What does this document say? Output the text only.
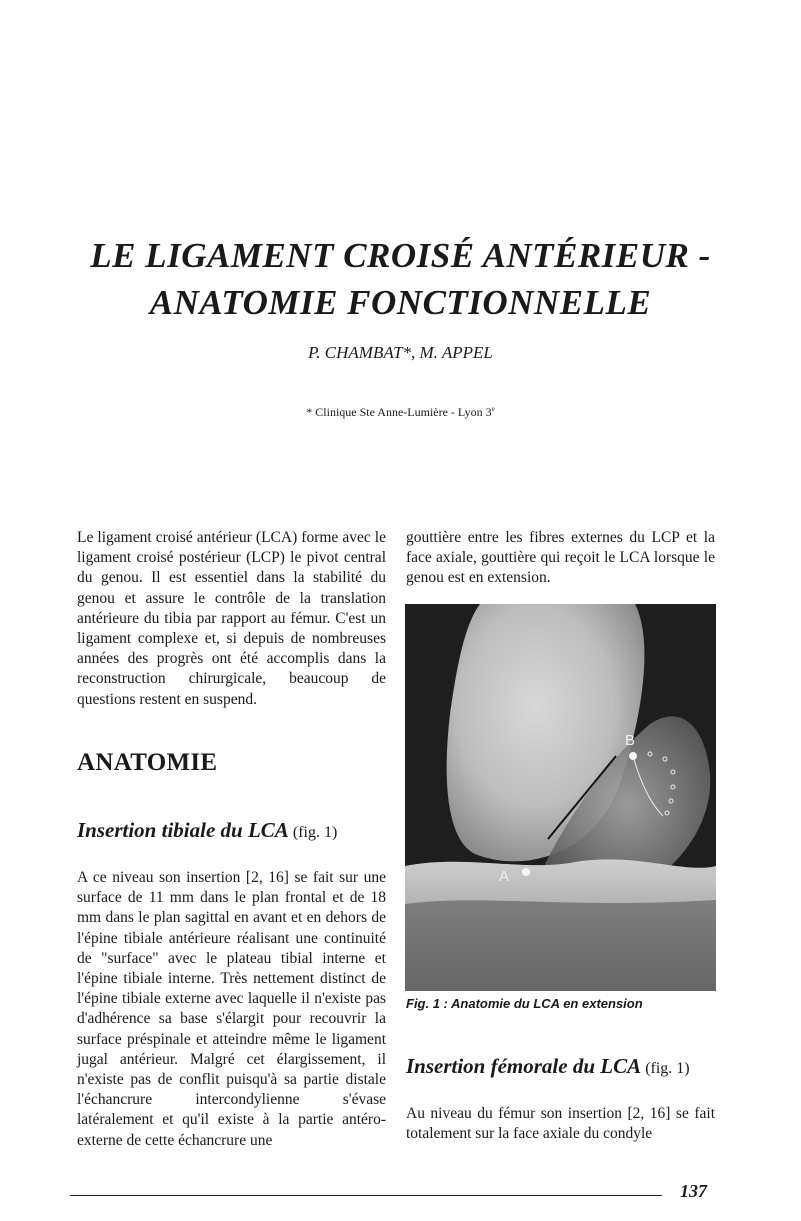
LE LIGAMENT CROISÉ ANTÉRIEUR -
ANATOMIE FONCTIONNELLE
P. CHAMBAT*, M. APPEL
* Clinique Ste Anne-Lumière - Lyon 3e

Le ligament croisé antérieur (LCA) forme avec le ligament croisé postérieur (LCP) le pivot central du genou. Il est essentiel dans la stabilité du genou et assure le contrôle de la translation antérieure du tibia par rapport au fémur. C'est un ligament complexe et, si depuis de nombreuses années des progrès ont été accomplis dans la reconstruction chirurgicale, beaucoup de questions restent en suspend.

ANATOMIE
Insertion tibiale du LCA (fig. 1)

A ce niveau son insertion [2, 16] se fait sur une surface de 11 mm dans le plan frontal et de 18 mm dans le plan sagittal en avant et en dehors de l'épine tibiale antérieure réalisant une continuité de "surface" avec le plateau tibial interne et l'épine tibiale interne. Très nettement distinct de l'épine tibiale externe avec laquelle il n'existe pas d'adhérence sa base s'élargit pour recouvrir la surface préspinale et atteindre même le ligament jugal antérieur. Malgré cet élargissement, il n'existe pas de conflit puisqu'à sa partie distale l'échancrure intercondylienne s'évase latéralement et qu'il existe à la partie antéro-externe de cette échancrure une

gouttière entre les fibres externes du LCP et la face axiale, gouttière qui reçoit le LCA lorsque le genou est en extension.

A
B
Fig. 1 : Anatomie du LCA en extension
Insertion fémorale du LCA (fig. 1)

Au niveau du fémur son insertion [2, 16] se fait totalement sur la face axiale du condyle

137
